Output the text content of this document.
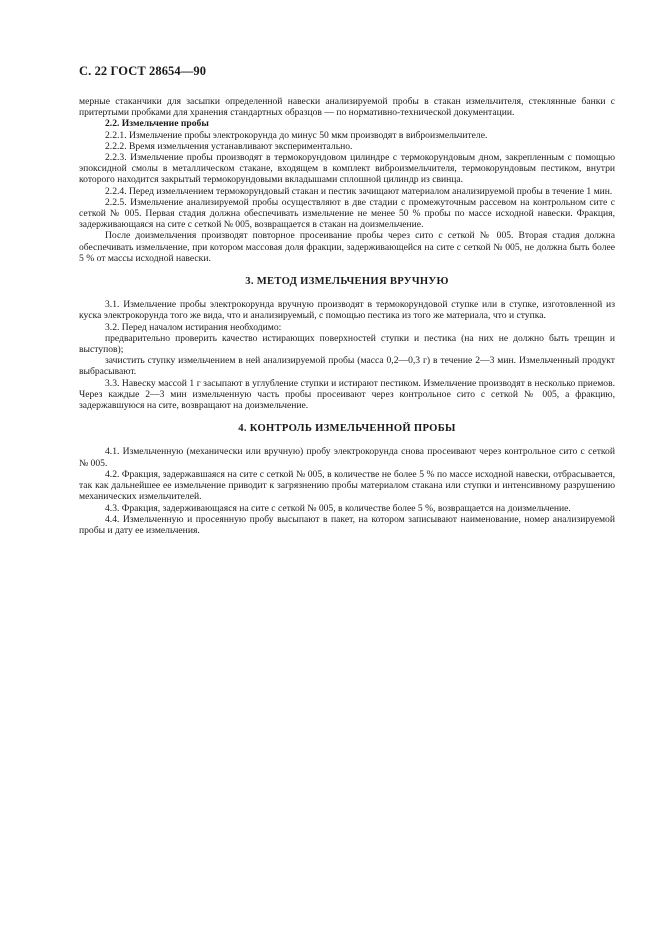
С. 22 ГОСТ 28654—90

мерные стаканчики для засыпки определенной навески анализируемой пробы в стакан измельчителя, стеклянные банки с притертыми пробками для хранения стандартных образцов — по нормативно-технической документации.

2.2. Измельчение пробы

2.2.1. Измельчение пробы электрокорунда до минус 50 мкм производят в виброизмельчителе.

2.2.2. Время измельчения устанавливают экспериментально.

2.2.3. Измельчение пробы производят в термокорундовом цилиндре с термокорундовым дном, закрепленным с помощью эпоксидной смолы в металлическом стакане, входящем в комплект виброизмельчителя, термокорундовым пестиком, внутри которого находится закрытый термокорундовыми вкладышами сплошной цилиндр из свинца.

2.2.4. Перед измельчением термокорундовый стакан и пестик зачищают материалом анализируемой пробы в течение 1 мин.

2.2.5. Измельчение анализируемой пробы осуществляют в две стадии с промежуточным рассевом на контрольном сите с сеткой № 005. Первая стадия должна обеспечивать измельчение не менее 50 % пробы по массе исходной навески. Фракция, задерживающаяся на сите с сеткой № 005, возвращается в стакан на доизмельчение.

После доизмельчения производят повторное просеивание пробы через сито с сеткой № 005. Вторая стадия должна обеспечивать измельчение, при котором массовая доля фракции, задерживающейся на сите с сеткой № 005, не должна быть более 5 % от массы исходной навески.

3. МЕТОД ИЗМЕЛЬЧЕНИЯ ВРУЧНУЮ

3.1. Измельчение пробы электрокорунда вручную производят в термокорундовой ступке или в ступке, изготовленной из куска электрокорунда того же вида, что и анализируемый, с помощью пестика из того же материала, что и ступка.

3.2. Перед началом истирания необходимо:

предварительно проверить качество истирающих поверхностей ступки и пестика (на них не должно быть трещин и выступов);

зачистить ступку измельчением в ней анализируемой пробы (масса 0,2—0,3 г) в течение 2—3 мин. Измельченный продукт выбрасывают.

3.3. Навеску массой 1 г засыпают в углубление ступки и истирают пестиком. Измельчение производят в несколько приемов. Через каждые 2—3 мин измельченную часть пробы просеивают через контрольное сито с сеткой № 005, а фракцию, задержавшуюся на сите, возвращают на доизмельчение.

4. КОНТРОЛЬ ИЗМЕЛЬЧЕННОЙ ПРОБЫ

4.1. Измельченную (механически или вручную) пробу электрокорунда снова просеивают через контрольное сито с сеткой № 005.

4.2. Фракция, задержавшаяся на сите с сеткой № 005, в количестве не более 5 % по массе исходной навески, отбрасывается, так как дальнейшее ее измельчение приводит к загрязнению пробы материалом стакана или ступки и интенсивному разрушению механических измельчителей.

4.3. Фракция, задерживающаяся на сите с сеткой № 005, в количестве более 5 %, возвращается на доизмельчение.

4.4. Измельченную и просеянную пробу высыпают в пакет, на котором записывают наименование, номер анализируемой пробы и дату ее измельчения.
